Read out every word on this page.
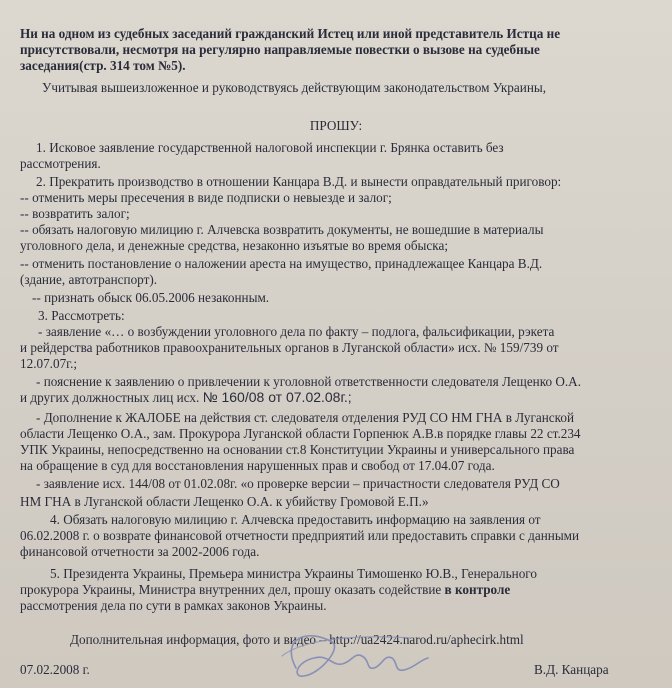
Ни на одном из судебных заседаний гражданский Истец или иной представитель Истца не

присутствовали, несмотря на регулярно направляемые повестки о вызове на судебные

заседания(стр. 314 том №5).

Учитывая вышеизложенное и руководствуясь действующим законодательством Украины,

ПРОШУ:

1. Исковое заявление государственной налоговой инспекции г. Брянка оставить без

рассмотрения.

2. Прекратить производство в отношении Канцара В.Д. и вынести оправдательный приговор:

-- отменить меры пресечения в виде подписки о невыезде и залог;

-- возвратить залог;

-- обязать налоговую милицию г. Алчевска возвратить документы, не вошедшие в материалы

уголовного дела, и денежные средства, незаконно изъятые во время обыска;

-- отменить постановление о наложении ареста на имущество, принадлежащее Канцара В.Д.

(здание, автотранспорт).

-- признать обыск 06.05.2006 незаконным.

3. Рассмотреть:

- заявление «… о возбуждении уголовного дела по факту – подлога, фальсификации, рэкета

и рейдерства работников правоохранительных органов в Луганской области» исх. № 159/739 от

12.07.07г.;

- пояснение к заявлению о привлечении к уголовной ответственности следователя Лещенко О.А.

и других должностных лиц исх. № 160/08 от 07.02.08г.;

- Дополнение к ЖАЛОБЕ на действия ст. следователя отделения РУД СО НМ ГНА в Луганской

области Лещенко О.А., зам. Прокурора Луганской области Горпенюк А.В.в порядке главы 22 ст.234

УПК Украины, непосредственно на основании ст.8 Конституции Украины и универсального права

на обращение в суд для восстановления нарушенных прав и свобод от 17.04.07 года.

- заявление исх. 144/08 от 01.02.08г. «о проверке версии – причастности следователя РУД СО

НМ ГНА в Луганской области Лещенко О.А. к убийству Громовой Е.П.»

4. Обязать налоговую милицию г. Алчевска предоставить информацию на заявления от

06.02.2008 г. о возврате финансовой отчетности предприятий или предоставить справки с данными

финансовой отчетности за 2002-2006 года.

5. Президента Украины, Премьера министра Украины Тимошенко Ю.В., Генерального

прокурора Украины, Министра внутренних дел, прошу оказать содействие в контроле

рассмотрения дела по сути в рамках законов Украины.

Дополнительная информация, фото и видео – http://ua2424.narod.ru/aphecirk.html

07.02.2008 г.	В.Д. Канцара
